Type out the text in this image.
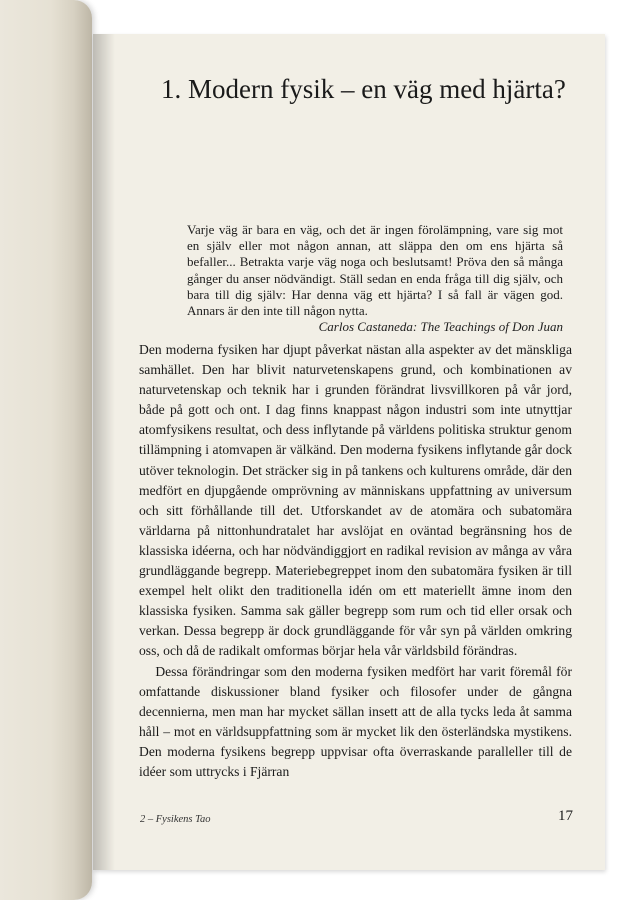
1. Modern fysik – en väg med hjärta?

Varje väg är bara en väg, och det är ingen förolämpning, vare sig mot en själv eller mot någon annan, att släppa den om ens hjärta så befaller... Betrakta varje väg noga och beslutsamt! Pröva den så många gånger du anser nödvändigt. Ställ sedan en enda fråga till dig själv, och bara till dig själv: Har denna väg ett hjärta? I så fall är vägen god. Annars är den inte till någon nytta.

Carlos Castaneda: The Teachings of Don Juan

Den moderna fysiken har djupt påverkat nästan alla aspekter av det mänskliga samhället. Den har blivit naturvetenskapens grund, och kombinationen av naturvetenskap och teknik har i grunden förändrat livsvillkoren på vår jord, både på gott och ont. I dag finns knappast någon industri som inte utnyttjar atomfysikens resultat, och dess inflytande på världens politiska struktur genom tillämpning i atomvapen är välkänd. Den moderna fysikens inflytande går dock utöver teknologin. Det sträcker sig in på tankens och kulturens område, där den medfört en djupgående omprövning av människans uppfattning av universum och sitt förhållande till det. Utforskandet av de atomära och subatomära världarna på nittonhundratalet har avslöjat en oväntad begränsning hos de klassiska idéerna, och har nödvändiggjort en radikal revision av många av våra grundläggande begrepp. Materiebegreppet inom den subatomära fysiken är till exempel helt olikt den traditionella idén om ett materiellt ämne inom den klassiska fysiken. Samma sak gäller begrepp som rum och tid eller orsak och verkan. Dessa begrepp är dock grundläggande för vår syn på världen omkring oss, och då de radikalt omformas börjar hela vår världsbild förändras.

Dessa förändringar som den moderna fysiken medfört har varit föremål för omfattande diskussioner bland fysiker och filosofer under de gångna decennierna, men man har mycket sällan insett att de alla tycks leda åt samma håll – mot en världsuppfattning som är mycket lik den österländska mystikens. Den moderna fysikens begrepp uppvisar ofta överraskande paralleller till de idéer som uttrycks i Fjärran

2 – Fysikens Tao	17
